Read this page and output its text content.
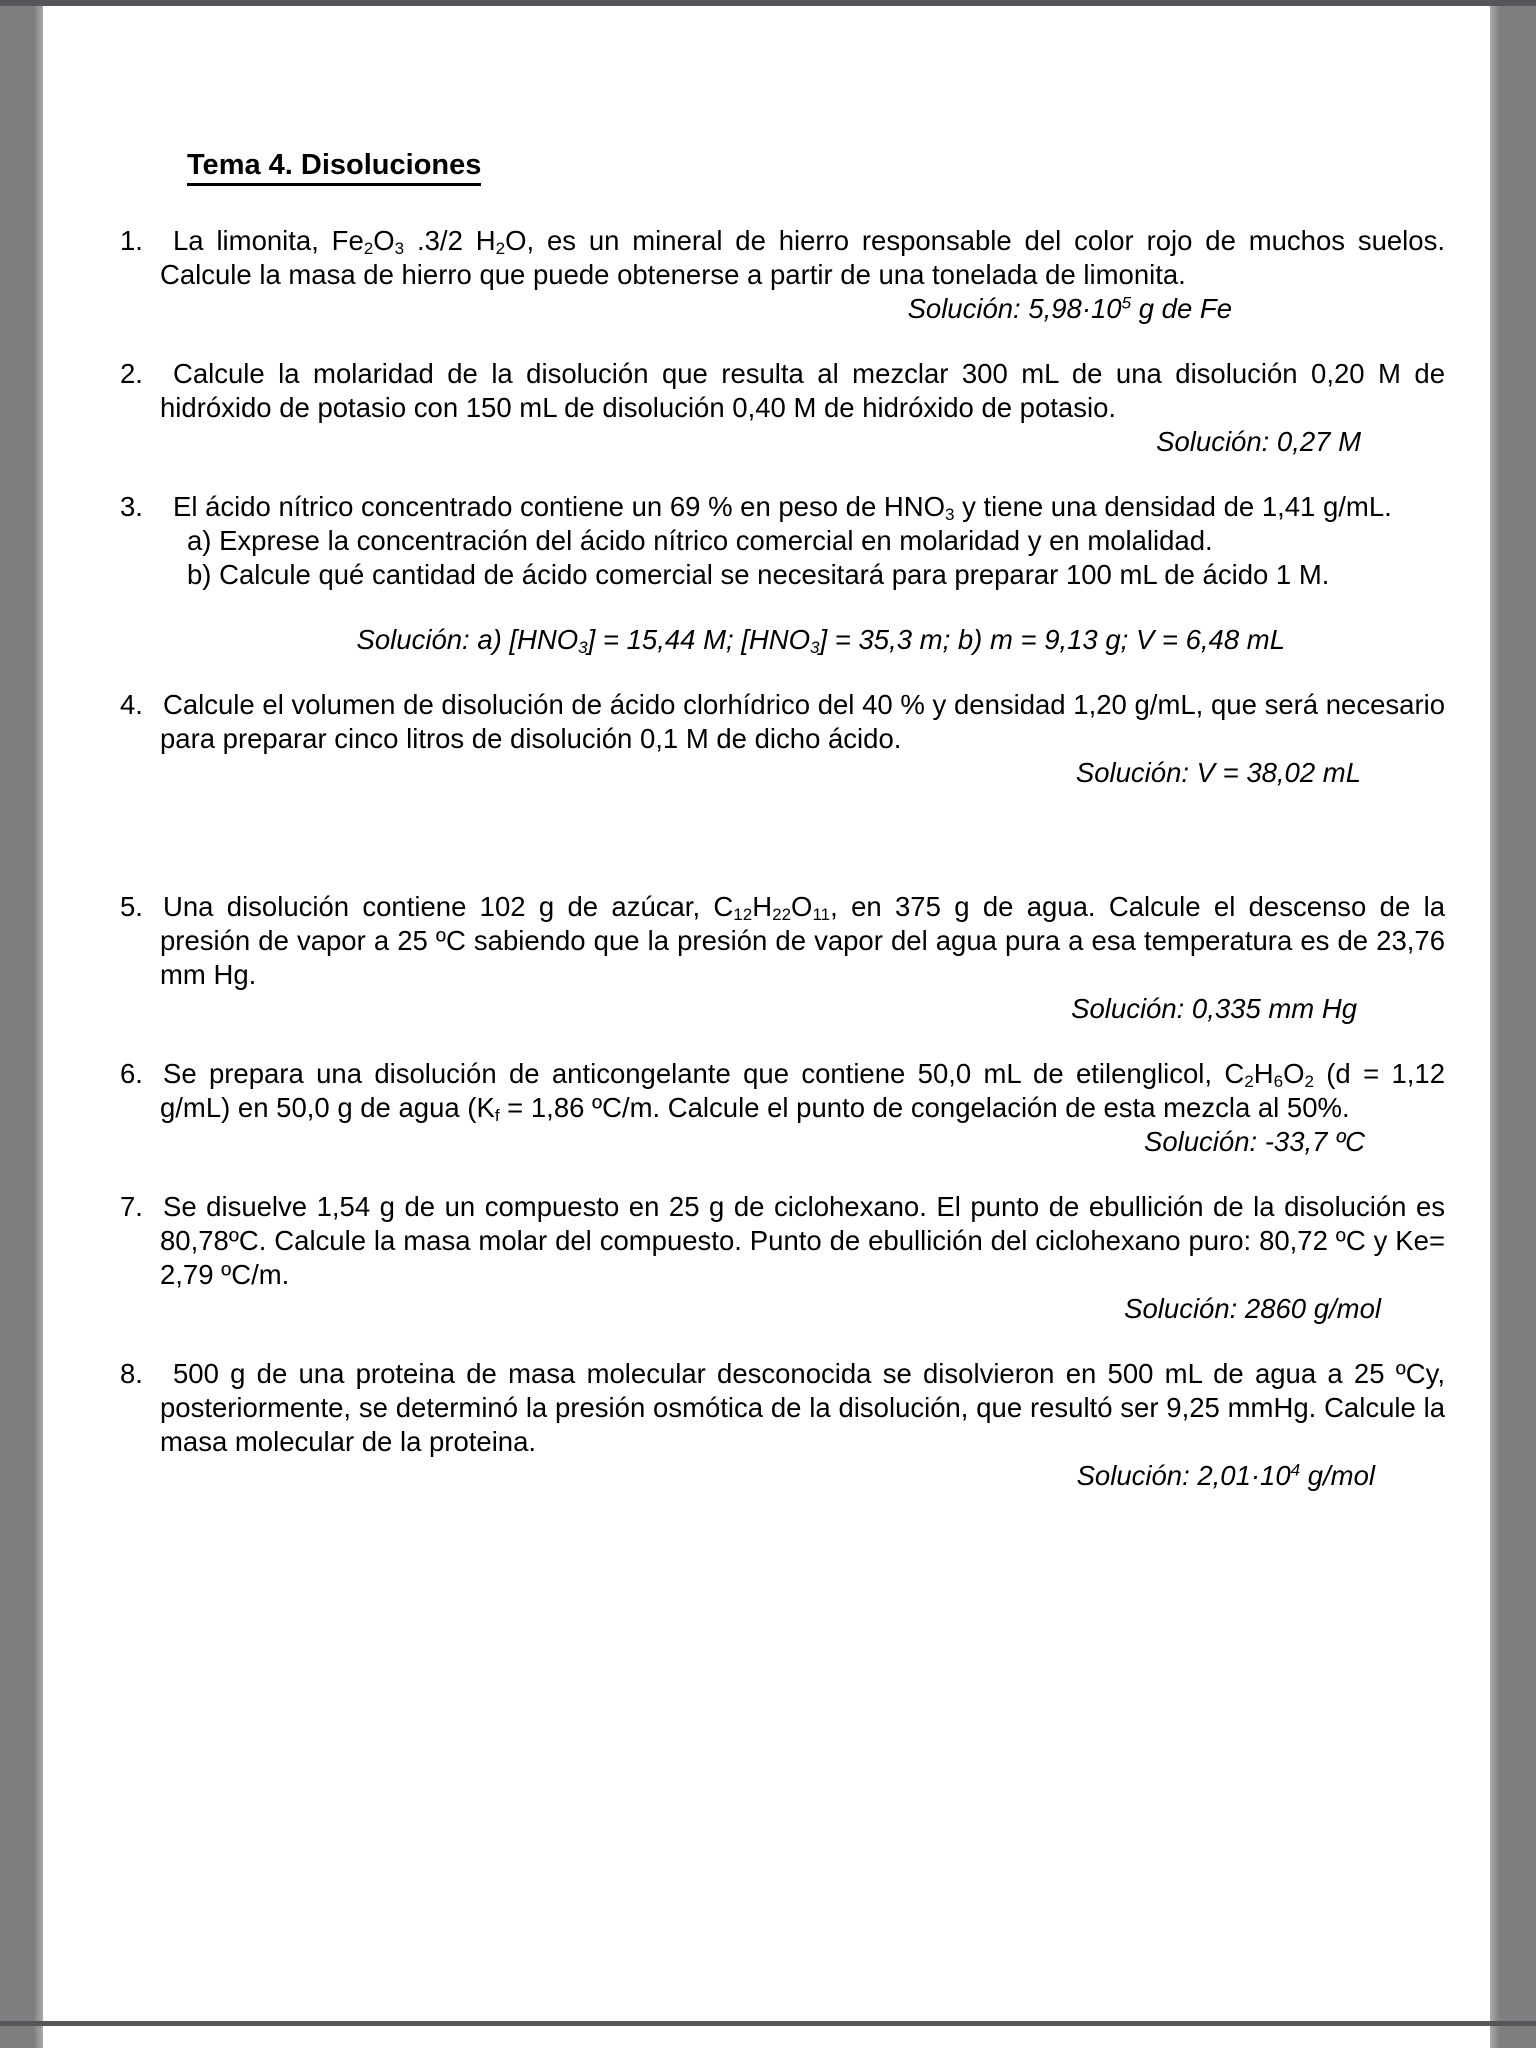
Tema 4. Disoluciones

1.	La limonita, $Fe_2O_3$ .3/2 $H_2O$, es un mineral de hierro responsable del color rojo de muchos suelos. Calcule la masa de hierro que puede obtenerse a partir de una tonelada de limonita.

Solución: $5,98\cdot 10^5$ g de Fe

2.	Calcule la molaridad de la disolución que resulta al mezclar 300 mL de una disolución 0,20 M de hidróxido de potasio con 150 mL de disolución 0,40 M de hidróxido de potasio.

Solución: 0,27 M

3.	El ácido nítrico concentrado contiene un 69 % en peso de $HNO_3$ y tiene una densidad de 1,41 g/mL.

a) Exprese la concentración del ácido nítrico comercial en molaridad y en molalidad.

b) Calcule qué cantidad de ácido comercial se necesitará para preparar 100 mL de ácido 1 M.

Solución: a) $[HNO_3] = 15,44$ M; $[HNO_3] = 35,3$ m; b) m = 9,13 g; V = 6,48 mL

4. Calcule el volumen de disolución de ácido clorhídrico del 40 % y densidad 1,20 g/mL, que será necesario para preparar cinco litros de disolución 0,1 M de dicho ácido.

Solución: V = 38,02 mL

5. Una disolución contiene 102 g de azúcar, $C_{12}H_{22}O_{11}$, en 375 g de agua. Calcule el descenso de la presión de vapor a 25 ºC sabiendo que la presión de vapor del agua pura a esa temperatura es de 23,76 mm Hg.

Solución: 0,335 mm Hg

6. Se prepara una disolución de anticongelante que contiene 50,0 mL de etilenglicol, $C_2H_6O_2$ (d = 1,12 g/mL) en 50,0 g de agua ($K_f = 1,86$ ºC/m. Calcule el punto de congelación de esta mezcla al 50%.

Solución: -33,7 ºC

7. Se disuelve 1,54 g de un compuesto en 25 g de ciclohexano. El punto de ebullición de la disolución es 80,78ºC. Calcule la masa molar del compuesto. Punto de ebullición del ciclohexano puro: 80,72 ºC y Ke= 2,79 ºC/m.

Solución: 2860 g/mol

8.	500 g de una proteina de masa molecular desconocida se disolvieron en 500 mL de agua a 25 ºCy, posteriormente, se determinó la presión osmótica de la disolución, que resultó ser 9,25 mmHg. Calcule la masa molecular de la proteina.

Solución: $2,01\cdot 10^4$ g/mol
